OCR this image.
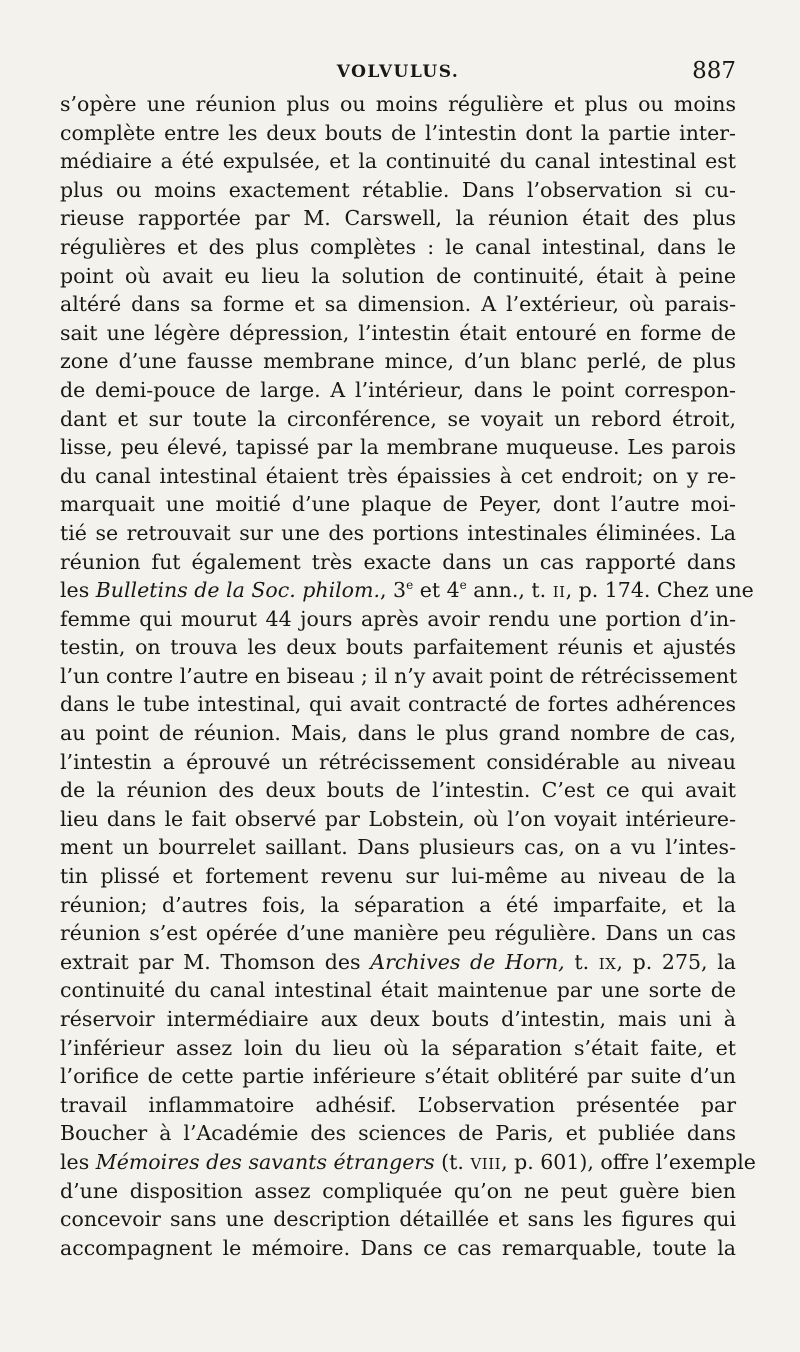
VOLVULUS.	887
s’opère une réunion plus ou moins régulière et plus ou moins
complète entre les deux bouts de l’intestin dont la partie inter-
médiaire a été expulsée, et la continuité du canal intestinal est
plus ou moins exactement rétablie. Dans l’observation si cu-
rieuse rapportée par M. Carswell, la réunion était des plus
régulières et des plus complètes : le canal intestinal, dans le
point où avait eu lieu la solution de continuité, était à peine
altéré dans sa forme et sa dimension. A l’extérieur, où parais-
sait une légère dépression, l’intestin était entouré en forme de
zone d’une fausse membrane mince, d’un blanc perlé, de plus
de demi-pouce de large. A l’intérieur, dans le point correspon-
dant et sur toute la circonférence, se voyait un rebord étroit,
lisse, peu élevé, tapissé par la membrane muqueuse. Les parois
du canal intestinal étaient très épaissies à cet endroit; on y re-
marquait une moitié d’une plaque de Peyer, dont l’autre moi-
tié se retrouvait sur une des portions intestinales éliminées. La
réunion fut également très exacte dans un cas rapporté dans
les Bulletins de la Soc. philom., 3e et 4e ann., t. II, p. 174. Chez une
femme qui mourut 44 jours après avoir rendu une portion d’in-
testin, on trouva les deux bouts parfaitement réunis et ajustés
l’un contre l’autre en biseau ; il n’y avait point de rétrécissement
dans le tube intestinal, qui avait contracté de fortes adhérences
au point de réunion. Mais, dans le plus grand nombre de cas,
l’intestin a éprouvé un rétrécissement considérable au niveau
de la réunion des deux bouts de l’intestin. C’est ce qui avait
lieu dans le fait observé par Lobstein, où l’on voyait intérieure-
ment un bourrelet saillant. Dans plusieurs cas, on a vu l’intes-
tin plissé et fortement revenu sur lui-même au niveau de la
réunion; d’autres fois, la séparation a été imparfaite, et la
réunion s’est opérée d’une manière peu régulière. Dans un cas
extrait par M. Thomson des Archives de Horn, t. IX, p. 275, la
continuité du canal intestinal était maintenue par une sorte de
réservoir intermédiaire aux deux bouts d’intestin, mais uni à
l’inférieur assez loin du lieu où la séparation s’était faite, et
l’orifice de cette partie inférieure s’était oblitéré par suite d’un
travail inflammatoire adhésif. L’observation présentée par
Boucher à l’Académie des sciences de Paris, et publiée dans
les Mémoires des savants étrangers (t. VIII, p. 601), offre l’exemple
d’une disposition assez compliquée qu’on ne peut guère bien
concevoir sans une description détaillée et sans les figures qui
accompagnent le mémoire. Dans ce cas remarquable, toute la
